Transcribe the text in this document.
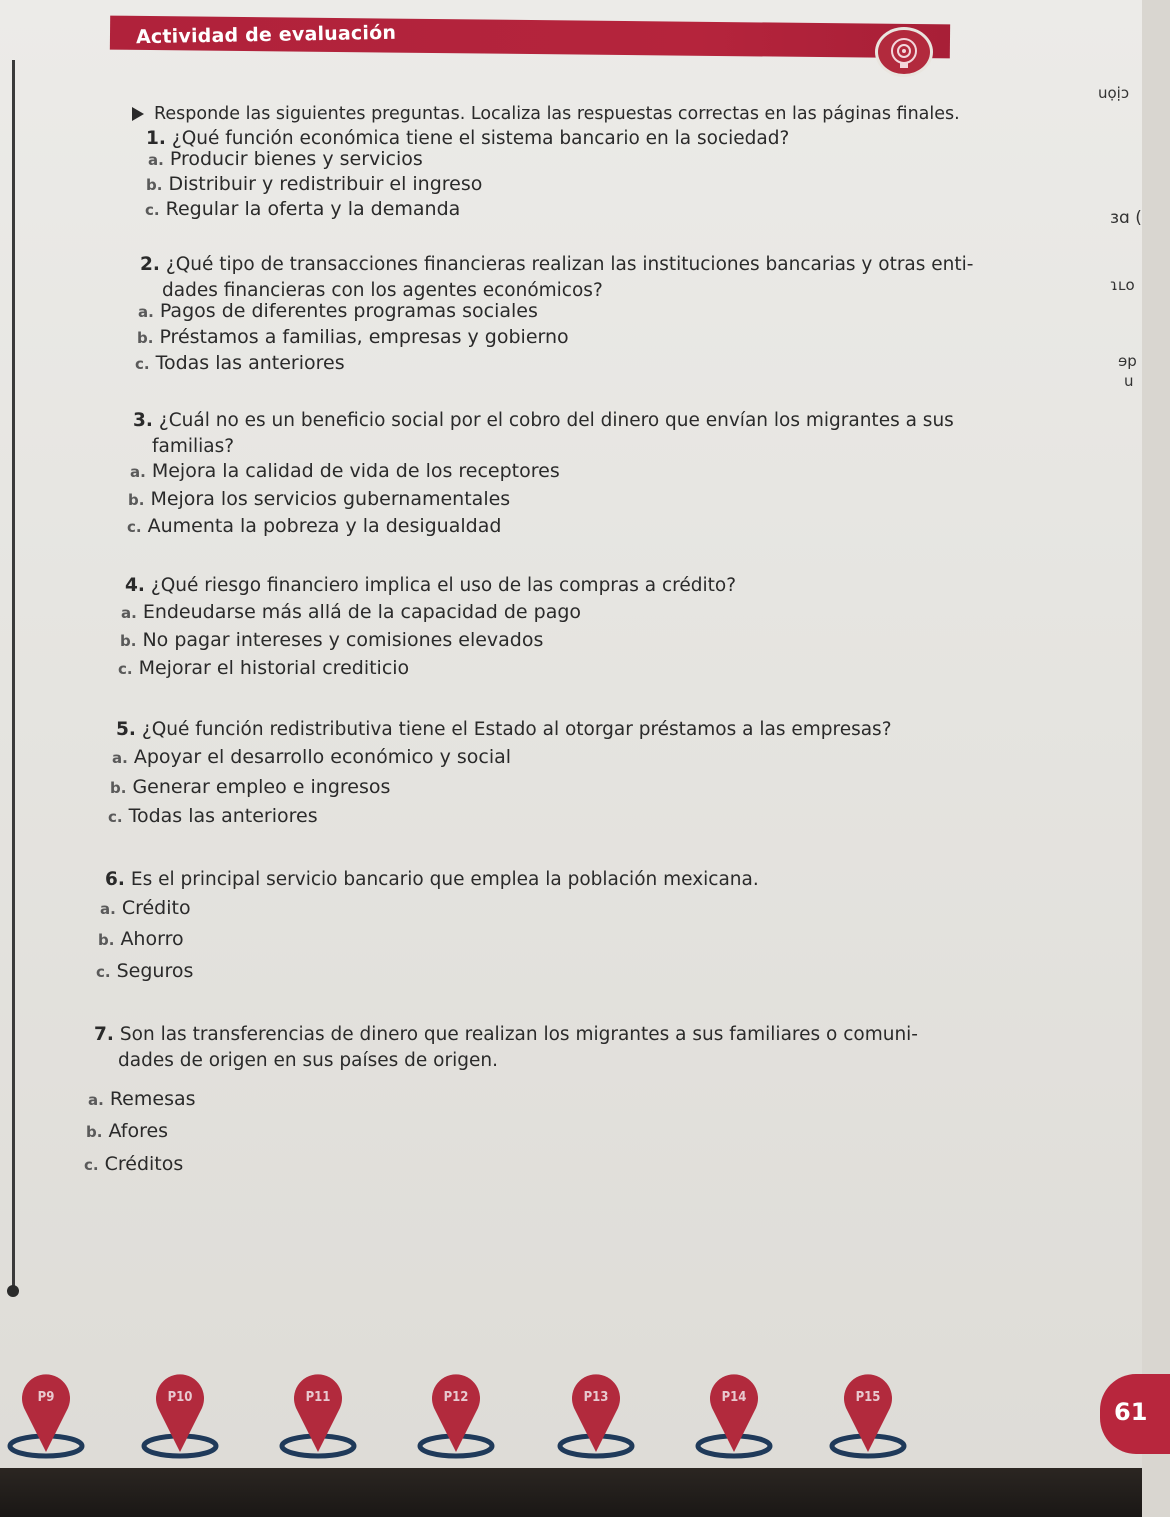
Actividad de evaluación
uọịɔ
ɜɑ (
ɿʟo
ɘp
u
Responde las siguientes preguntas. Localiza las respuestas correctas en las páginas finales.
1. ¿Qué función económica tiene el sistema bancario en la sociedad?
a. Producir bienes y servicios
b. Distribuir y redistribuir el ingreso
c. Regular la oferta y la demanda
2. ¿Qué tipo de transacciones financieras realizan las instituciones bancarias y otras enti-
dades financieras con los agentes económicos?
a. Pagos de diferentes programas sociales
b. Préstamos a familias, empresas y gobierno
c. Todas las anteriores
3. ¿Cuál no es un beneficio social por el cobro del dinero que envían los migrantes a sus
familias?
a. Mejora la calidad de vida de los receptores
b. Mejora los servicios gubernamentales
c. Aumenta la pobreza y la desigualdad
4. ¿Qué riesgo financiero implica el uso de las compras a crédito?
a. Endeudarse más allá de la capacidad de pago
b. No pagar intereses y comisiones elevados
c. Mejorar el historial crediticio
5. ¿Qué función redistributiva tiene el Estado al otorgar préstamos a las empresas?
a. Apoyar el desarrollo económico y social
b. Generar empleo e ingresos
c. Todas las anteriores
6. Es el principal servicio bancario que emplea la población mexicana.
a. Crédito
b. Ahorro
c. Seguros
7. Son las transferencias de dinero que realizan los migrantes a sus familiares o comuni-
dades de origen en sus países de origen.
a. Remesas
b. Afores
c. Créditos
P9	P10	P11	P12	P13	P14	P15
61
